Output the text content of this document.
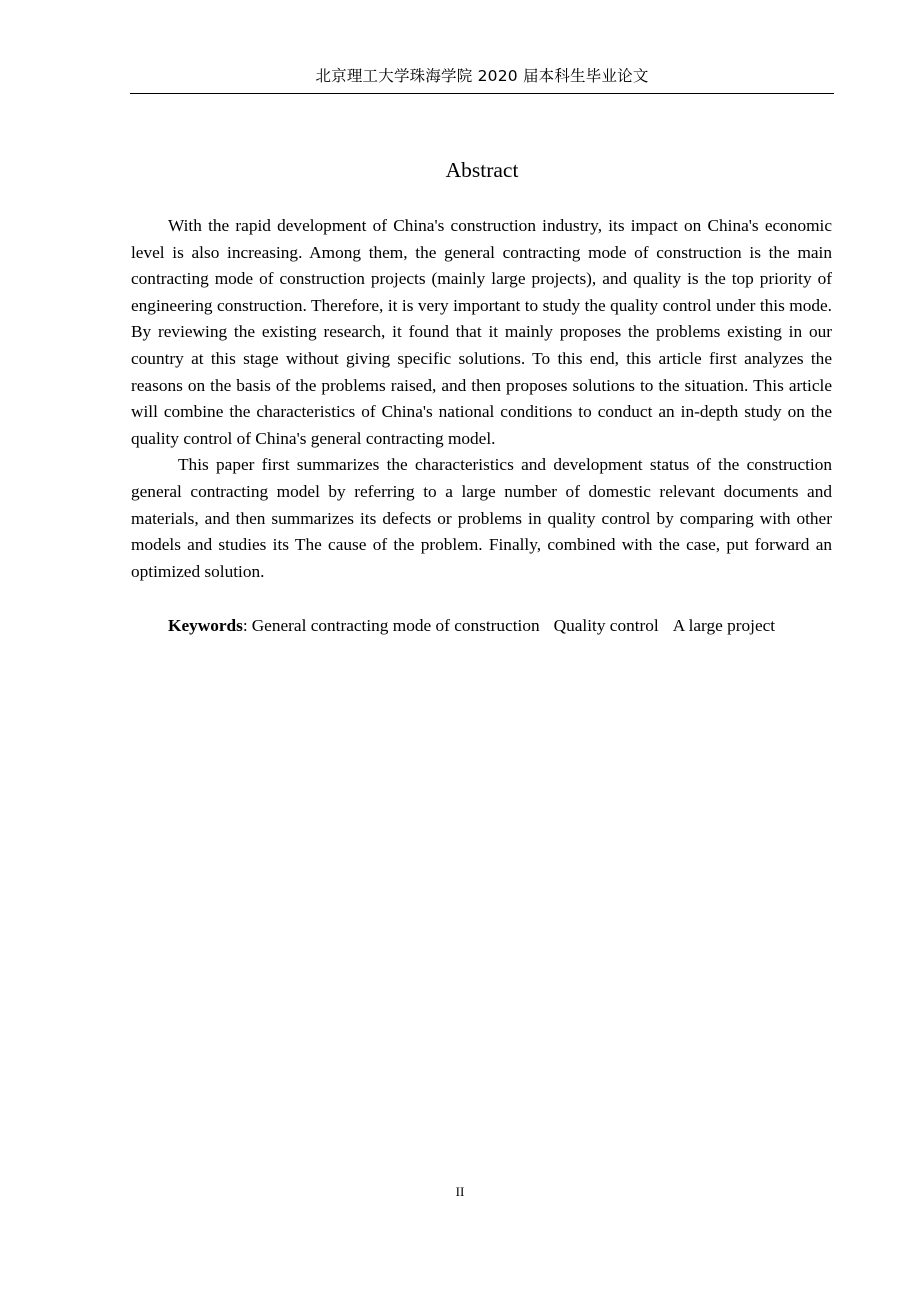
北京理工大学珠海学院 2020 届本科生毕业论文
Abstract

With the rapid development of China's construction industry, its impact on China's economic level is also increasing. Among them, the general contracting mode of construction is the main contracting mode of construction projects (mainly large projects), and quality is the top priority of engineering construction. Therefore, it is very important to study the quality control under this mode. By reviewing the existing research, it found that it mainly proposes the problems existing in our country at this stage without giving specific solutions. To this end, this article first analyzes the reasons on the basis of the problems raised, and then proposes solutions to the situation. This article will combine the characteristics of China's national conditions to conduct an in-depth study on the quality control of China's general contracting model.

This paper first summarizes the characteristics and development status of the construction general contracting model by referring to a large number of domestic relevant documents and materials, and then summarizes its defects or problems in quality control by comparing with other models and studies its The cause of the problem. Finally, combined with the case, put forward an optimized solution.

Keywords: General contracting mode of construction Quality control A large project
II
